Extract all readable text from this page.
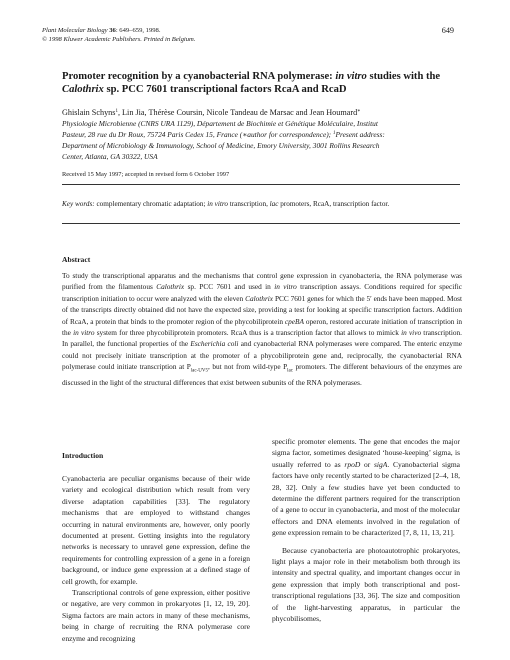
Plant Molecular Biology 36: 649–659, 1998.
© 1998 Kluwer Academic Publishers. Printed in Belgium.
649
Promoter recognition by a cyanobacterial RNA polymerase: in vitro studies with the Calothrix sp. PCC 7601 transcriptional factors RcaA and RcaD
Ghislain Schyns$^1$, Lin Jia, Thérèse Coursin, Nicole Tandeau de Marsac and Jean Houmard∗
Physiologie Microbienne (CNRS URA 1129), Département de Biochimie et Génétique Moléculaire, Institut
Pasteur, 28 rue du Dr Roux, 75724 Paris Cedex 15, France (∗author for correspondence); $^1$Present address:
Department of Microbiology & Immunology, School of Medicine, Emory University, 3001 Rollins Research
Center, Atlanta, GA 30322, USA
Received 15 May 1997; accepted in revised form 6 October 1997
Key words: complementary chromatic adaptation; in vitro transcription, lac promoters, RcaA, transcription factor.
Abstract

To study the transcriptional apparatus and the mechanisms that control gene expression in cyanobacteria, the RNA polymerase was purified from the filamentous Calothrix sp. PCC 7601 and used in in vitro transcription assays. Conditions required for specific transcription initiation to occur were analyzed with the eleven Calothrix PCC 7601 genes for which the 5′ ends have been mapped. Most of the transcripts directly obtained did not have the expected size, providing a test for looking at specific transcription factors. Addition of RcaA, a protein that binds to the promoter region of the phycobiliprotein cpeBA operon, restored accurate initiation of transcription in the in vitro system for three phycobiliprotein promoters. RcaA thus is a transcription factor that allows to mimick in vivo transcription. In parallel, the functional properties of the Escherichia coli and cyanobacterial RNA polymerases were compared. The enteric enzyme could not precisely initiate transcription at the promoter of a phycobiliprotein gene and, reciprocally, the cyanobacterial RNA polymerase could initiate transcription at $P_{lac-UV5}$, but not from wild-type $P_{lac}$ promoters. The different behaviours of the enzymes are discussed in the light of the structural differences that exist between subunits of the RNA polymerases.

Introduction

Cyanobacteria are peculiar organisms because of their wide variety and ecological distribution which result from very diverse adaptation capabilities [33]. The regulatory mechanisms that are employed to withstand changes occurring in natural environments are, however, only poorly documented at present. Getting insights into the regulatory networks is necessary to unravel gene expression, define the requirements for controlling expression of a gene in a foreign background, or induce gene expression at a defined stage of cell growth, for example.

Transcriptional controls of gene expression, either positive or negative, are very common in prokaryotes [1, 12, 19, 20]. Sigma factors are main actors in many of these mechanisms, being in charge of recruiting the RNA polymerase core enzyme and recognizing

specific promoter elements. The gene that encodes the major sigma factor, sometimes designated ‘house-keeping’ sigma, is usually referred to as rpoD or sigA. Cyanobacterial sigma factors have only recently started to be characterized [2–4, 18, 28, 32]. Only a few studies have yet been conducted to determine the different partners required for the transcription of a gene to occur in cyanobacteria, and most of the molecular effectors and DNA elements involved in the regulation of gene expression remain to be characterized [7, 8, 11, 13, 21].

Because cyanobacteria are photoautotrophic prokaryotes, light plays a major role in their metabolism both through its intensity and spectral quality, and important changes occur in gene expression that imply both transcriptional and post-transcriptional regulations [33, 36]. The size and composition of the light-harvesting apparatus, in particular the phycobilisomes,
